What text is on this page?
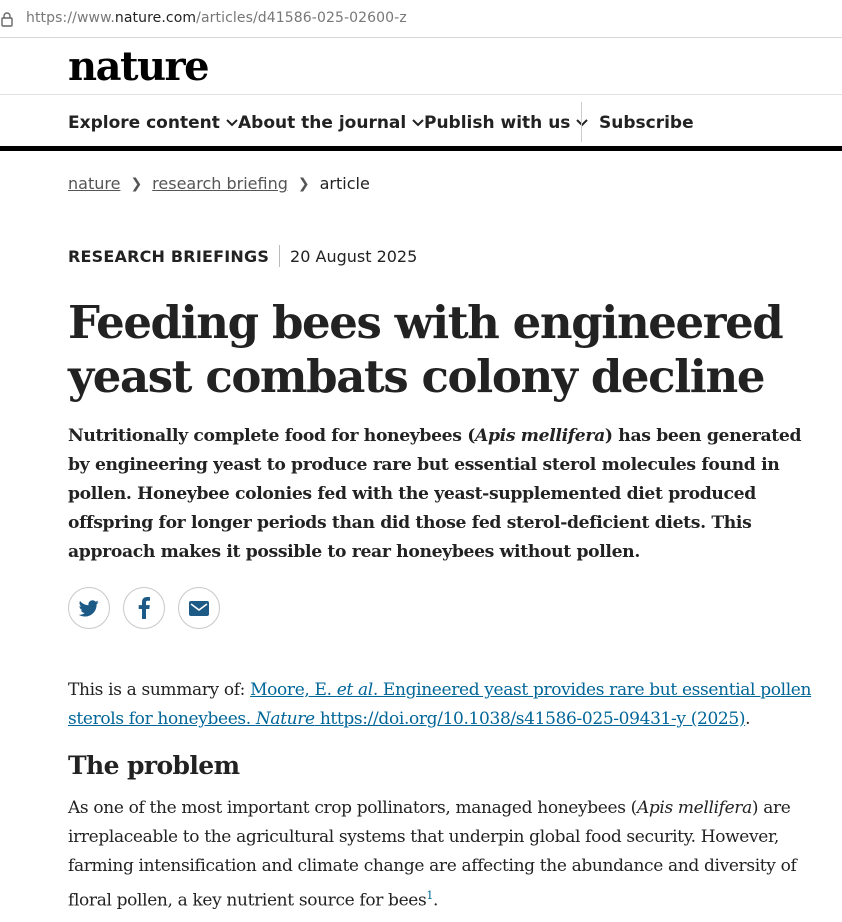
https://www.nature.com/articles/d41586-025-02600-z
nature
Explore content About the journal Publish with us Subscribe
nature ❯ research briefing ❯ article
RESEARCH BRIEFINGS 20 August 2025
Feeding bees with engineered yeast combats colony decline

Nutritionally complete food for honeybees (Apis mellifera) has been generated by engineering yeast to produce rare but essential sterol molecules found in pollen. Honeybee colonies fed with the yeast-supplemented diet produced offspring for longer periods than did those fed sterol-deficient diets. This approach makes it possible to rear honeybees without pollen.

This is a summary of: Moore, E. et al. Engineered yeast provides rare but essential pollen sterols for honeybees. Nature https://doi.org/10.1038/s41586-025-09431-y (2025).

The problem

As one of the most important crop pollinators, managed honeybees (Apis mellifera) are irreplaceable to the agricultural systems that underpin global food security. However, farming intensification and climate change are affecting the abundance and diversity of floral pollen, a key nutrient source for bees$^1$.
